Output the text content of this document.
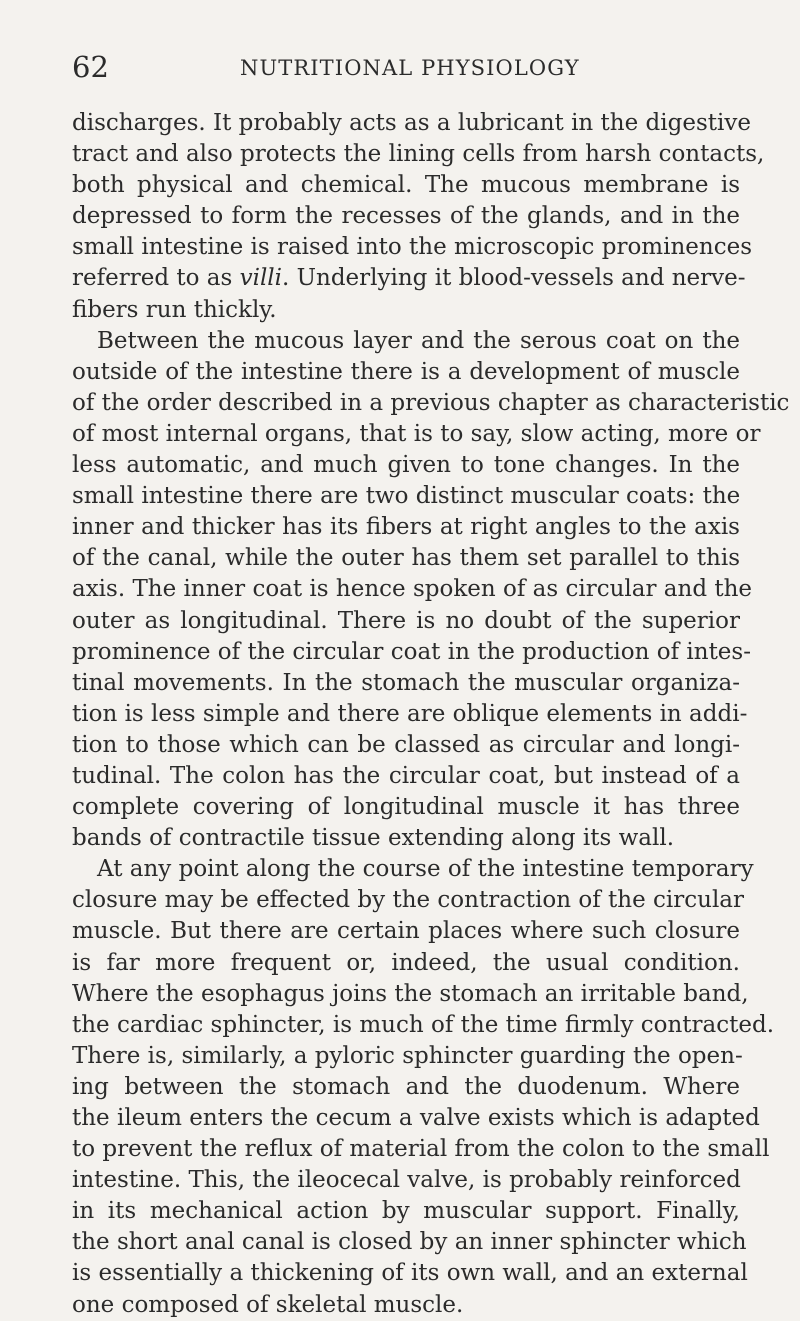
62	NUTRITIONAL PHYSIOLOGY
discharges. It probably acts as a lubricant in the digestive
tract and also protects the lining cells from harsh contacts,
both physical and chemical. The mucous membrane is
depressed to form the recesses of the glands, and in the
small intestine is raised into the microscopic prominences
referred to as villi. Underlying it blood-vessels and nerve-
fibers run thickly.
Between the mucous layer and the serous coat on the
outside of the intestine there is a development of muscle
of the order described in a previous chapter as characteristic
of most internal organs, that is to say, slow acting, more or
less automatic, and much given to tone changes. In the
small intestine there are two distinct muscular coats: the
inner and thicker has its fibers at right angles to the axis
of the canal, while the outer has them set parallel to this
axis. The inner coat is hence spoken of as circular and the
outer as longitudinal. There is no doubt of the superior
prominence of the circular coat in the production of intes-
tinal movements. In the stomach the muscular organiza-
tion is less simple and there are oblique elements in addi-
tion to those which can be classed as circular and longi-
tudinal. The colon has the circular coat, but instead of a
complete covering of longitudinal muscle it has three
bands of contractile tissue extending along its wall.
At any point along the course of the intestine temporary
closure may be effected by the contraction of the circular
muscle. But there are certain places where such closure
is far more frequent or, indeed, the usual condition.
Where the esophagus joins the stomach an irritable band,
the cardiac sphincter, is much of the time firmly contracted.
There is, similarly, a pyloric sphincter guarding the open-
ing between the stomach and the duodenum. Where
the ileum enters the cecum a valve exists which is adapted
to prevent the reflux of material from the colon to the small
intestine. This, the ileocecal valve, is probably reinforced
in its mechanical action by muscular support. Finally,
the short anal canal is closed by an inner sphincter which
is essentially a thickening of its own wall, and an external
one composed of skeletal muscle.
